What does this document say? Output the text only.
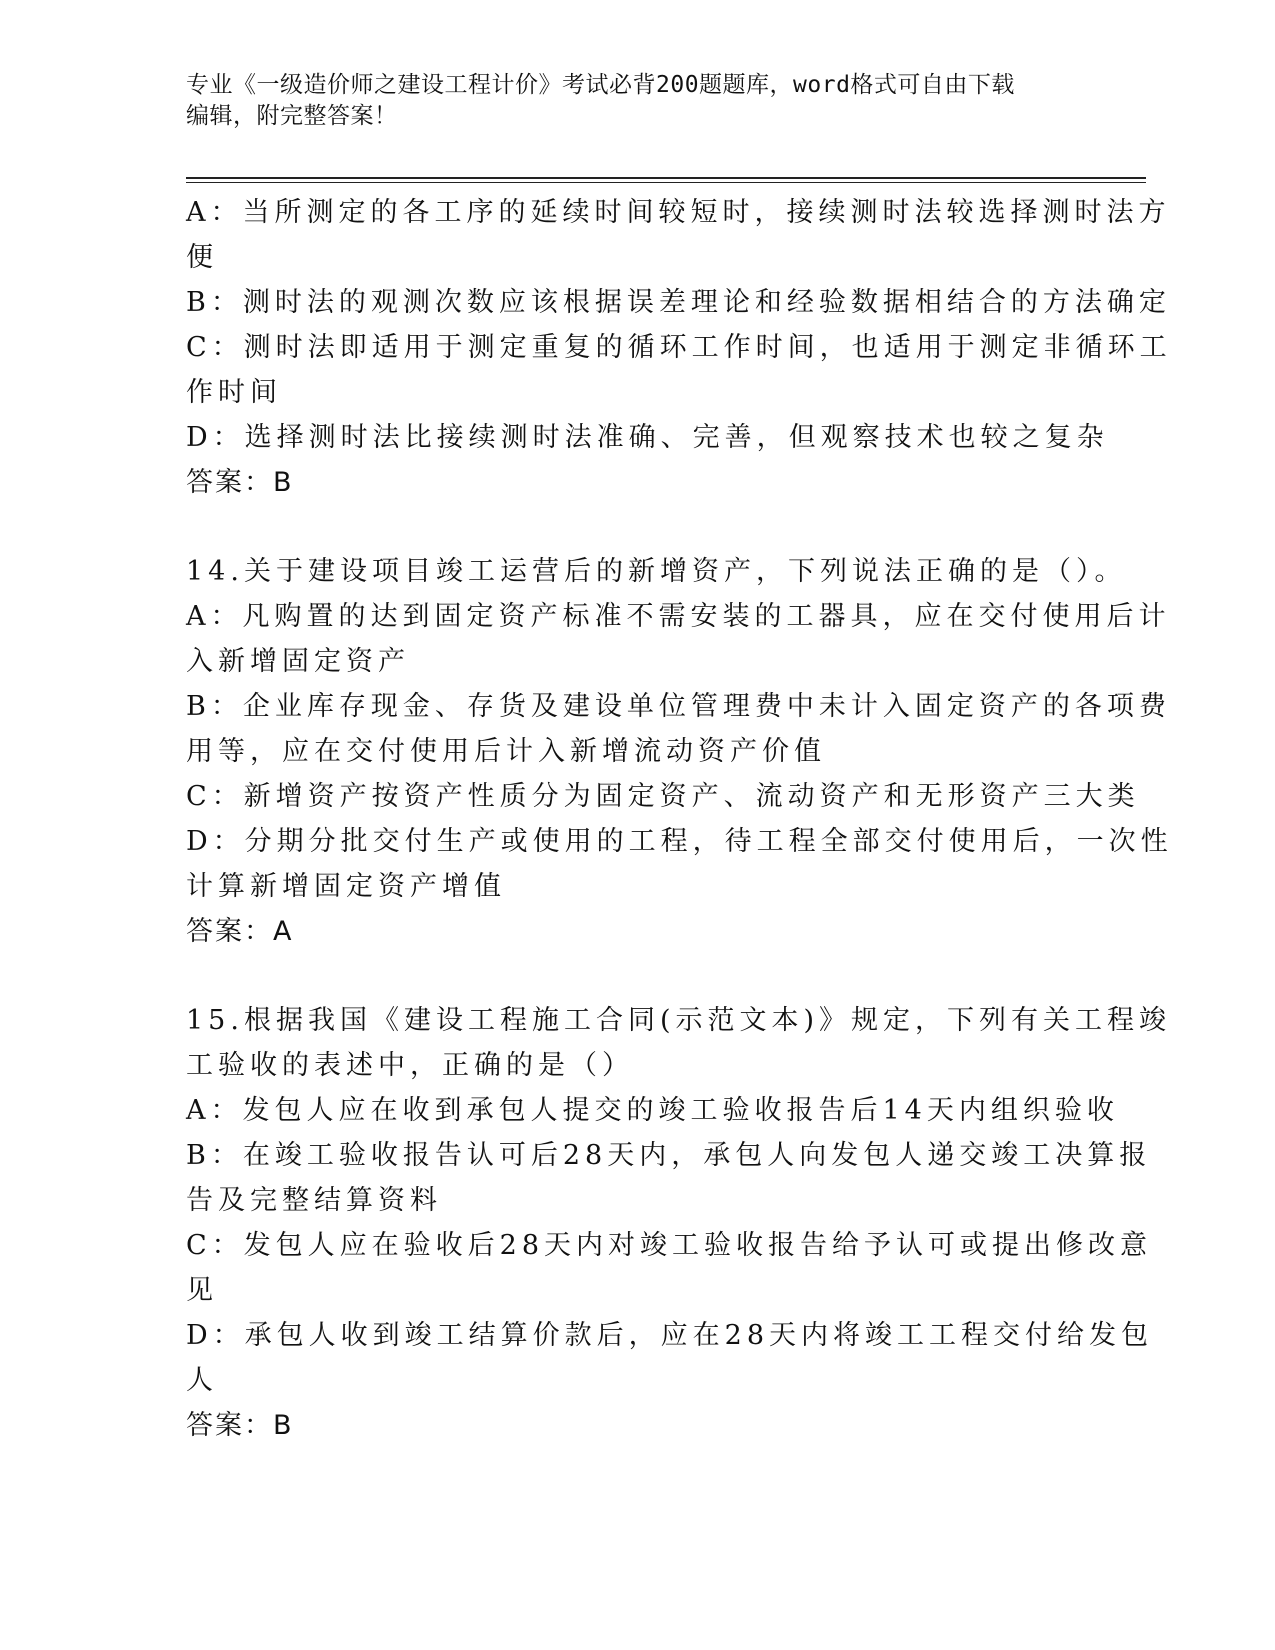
专业《一级造价师之建设工程计价》考试必背200题题库，word格式可自由下载
编辑，附完整答案！
A：当所测定的各工序的延续时间较短时，接续测时法较选择测时法方
便
B：测时法的观测次数应该根据误差理论和经验数据相结合的方法确定
C：测时法即适用于测定重复的循环工作时间，也适用于测定非循环工
作时间
D：选择测时法比接续测时法准确、完善，但观察技术也较之复杂
答案：B
14.关于建设项目竣工运营后的新增资产，下列说法正确的是（）。
A：凡购置的达到固定资产标准不需安装的工器具，应在交付使用后计
入新增固定资产
B：企业库存现金、存货及建设单位管理费中未计入固定资产的各项费
用等，应在交付使用后计入新增流动资产价值
C：新增资产按资产性质分为固定资产、流动资产和无形资产三大类
D：分期分批交付生产或使用的工程，待工程全部交付使用后，一次性
计算新增固定资产增值
答案：A
15.根据我国《建设工程施工合同(示范文本)》规定，下列有关工程竣
工验收的表述中，正确的是（）
A：发包人应在收到承包人提交的竣工验收报告后14天内组织验收
B：在竣工验收报告认可后28天内，承包人向发包人递交竣工决算报
告及完整结算资料
C：发包人应在验收后28天内对竣工验收报告给予认可或提出修改意
见
D：承包人收到竣工结算价款后，应在28天内将竣工工程交付给发包
人
答案：B
